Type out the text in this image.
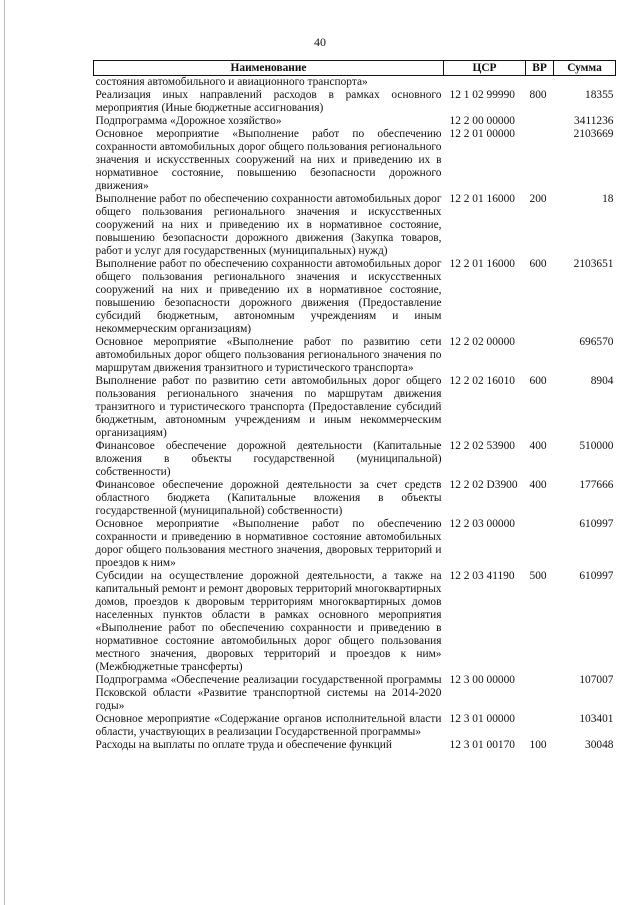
40
Наименование	ЦСР	ВР	Сумма
состояния автомобильного и авиационного транспорта»			
Реализация иных направлений расходов в рамках основного мероприятия (Иные бюджетные ассигнования)	12 1 02 99990	800	18355
Подпрограмма «Дорожное хозяйство»	12 2 00 00000		3411236
Основное мероприятие «Выполнение работ по обеспечению сохранности автомобильных дорог общего пользования регионального значения и искусственных сооружений на них и приведению их в нормативное состояние, повышению безопасности дорожного движения»	12 2 01 00000		2103669
Выполнение работ по обеспечению сохранности автомобильных дорог общего пользования регионального значения и искусственных сооружений на них и приведению их в нормативное состояние, повышению безопасности дорожного движения (Закупка товаров, работ и услуг для государственных (муниципальных) нужд)	12 2 01 16000	200	18
Выполнение работ по обеспечению сохранности автомобильных дорог общего пользования регионального значения и искусственных сооружений на них и приведению их в нормативное состояние, повышению безопасности дорожного движения (Предоставление субсидий бюджетным, автономным учреждениям и иным некоммерческим организациям)	12 2 01 16000	600	2103651
Основное мероприятие «Выполнение работ по развитию сети автомобильных дорог общего пользования регионального значения по маршрутам движения транзитного и туристического транспорта»	12 2 02 00000		696570
Выполнение работ по развитию сети автомобильных дорог общего пользования регионального значения по маршрутам движения транзитного и туристического транспорта (Предоставление субсидий бюджетным, автономным учреждениям и иным некоммерческим организациям)	12 2 02 16010	600	8904
Финансовое обеспечение дорожной деятельности (Капитальные вложения в объекты государственной (муниципальной) собственности)	12 2 02 53900	400	510000
Финансовое обеспечение дорожной деятельности за счет средств областного бюджета (Капитальные вложения в объекты государственной (муниципальной) собственности)	12 2 02 D3900	400	177666
Основное мероприятие «Выполнение работ по обеспечению сохранности и приведению в нормативное состояние автомобильных дорог общего пользования местного значения, дворовых территорий и проездов к ним»	12 2 03 00000		610997
Субсидии на осуществление дорожной деятельности, а также на капитальный ремонт и ремонт дворовых территорий многоквартирных домов, проездов к дворовым территориям многоквартирных домов населенных пунктов области в рамках основного мероприятия «Выполнение работ по обеспечению сохранности и приведению в нормативное состояние автомобильных дорог общего пользования местного значения, дворовых территорий и проездов к ним» (Межбюджетные трансферты)	12 2 03 41190	500	610997
Подпрограмма «Обеспечение реализации государственной программы Псковской области «Развитие транспортной системы на 2014-2020 годы»	12 3 00 00000		107007
Основное мероприятие «Содержание органов исполнительной власти области, участвующих в реализации Государственной программы»	12 3 01 00000		103401
Расходы на выплаты по оплате труда и обеспечение функций	12 3 01 00170	100	30048
